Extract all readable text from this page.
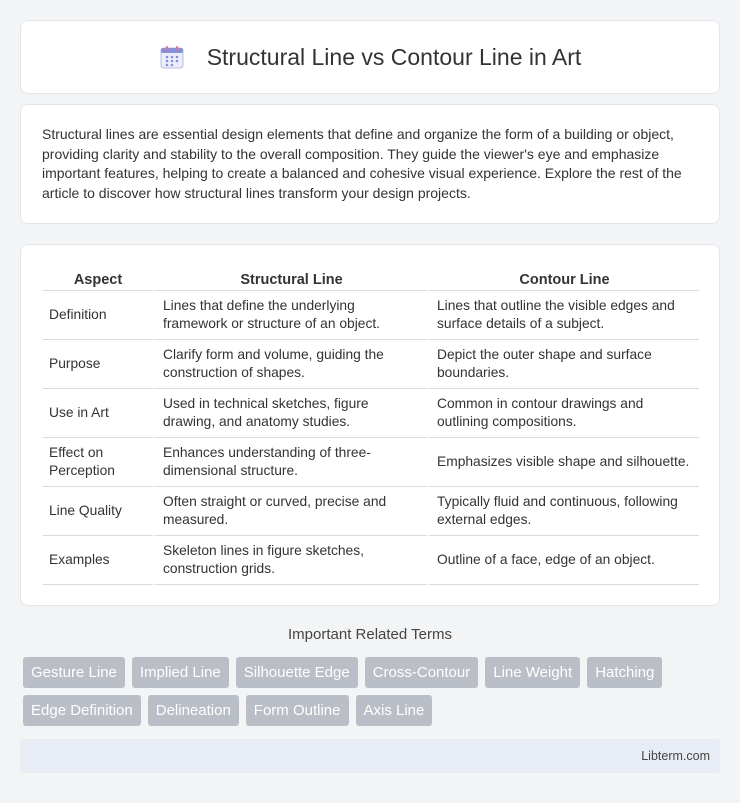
Structural Line vs Contour Line in Art

Structural lines are essential design elements that define and organize the form of a building or object, providing clarity and stability to the overall composition. They guide the viewer's eye and emphasize important features, helping to create a balanced and cohesive visual experience. Explore the rest of the article to discover how structural lines transform your design projects.

Aspect	Structural Line	Contour Line
Definition	Lines that define the underlying framework or structure of an object.	Lines that outline the visible edges and surface details of a subject.
Purpose	Clarify form and volume, guiding the construction of shapes.	Depict the outer shape and surface boundaries.
Use in Art	Used in technical sketches, figure drawing, and anatomy studies.	Common in contour drawings and outlining compositions.
Effect on Perception	Enhances understanding of three-dimensional structure.	Emphasizes visible shape and silhouette.
Line Quality	Often straight or curved, precise and measured.	Typically fluid and continuous, following external edges.
Examples	Skeleton lines in figure sketches, construction grids.	Outline of a face, edge of an object.
Important Related Terms
Gesture Line	Implied Line	Silhouette Edge	Cross-Contour	Line Weight	Hatching
Edge Definition	Delineation	Form Outline	Axis Line
Libterm.com
